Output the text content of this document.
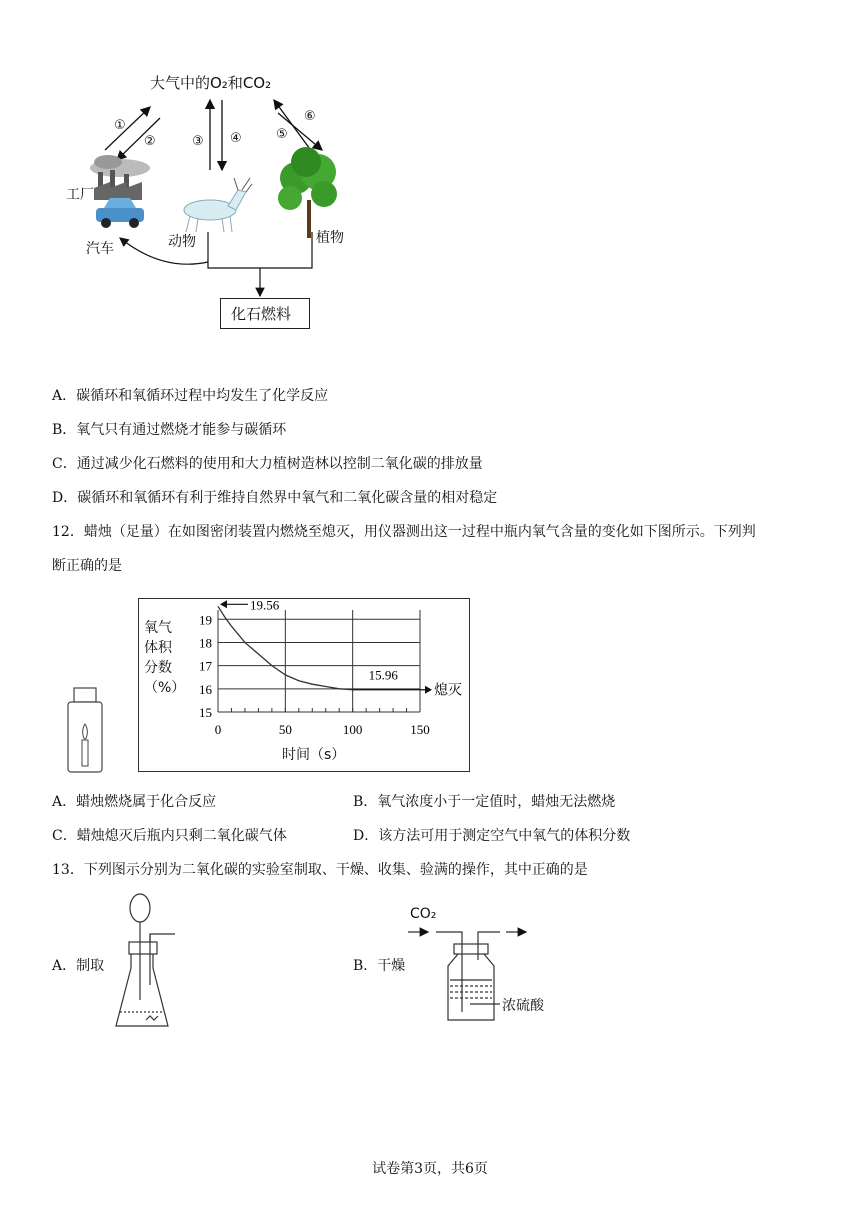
大气中的O₂和CO₂
①
②	③ ④	⑤
⑥
工厂
汽车	动物	植物
化石燃料
A．碳循环和氧循环过程中均发生了化学反应
B．氧气只有通过燃烧才能参与碳循环
C．通过减少化石燃料的使用和大力植树造林以控制二氧化碳的排放量
D．碳循环和氧循环有利于维持自然界中氧气和二氧化碳含量的相对稳定
12．蜡烛（足量）在如图密闭装置内燃烧至熄灭，用仪器测出这一过程中瓶内氧气含量的变化如下图所示。下列判
断正确的是
氧气
体积
分数
（%）
时间（s）
15
16
17
18
19
0	50	100	150
19.56
15.96
熄灭
A．蜡烛燃烧属于化合反应	B．氧气浓度小于一定值时，蜡烛无法燃烧
C．蜡烛熄灭后瓶内只剩二氧化碳气体	D．该方法可用于测定空气中氧气的体积分数
13．下列图示分别为二氧化碳的实验室制取、干燥、收集、验满的操作，其中正确的是
A．制取	B．干燥
CO₂
浓硫酸
试卷第3页，共6页
